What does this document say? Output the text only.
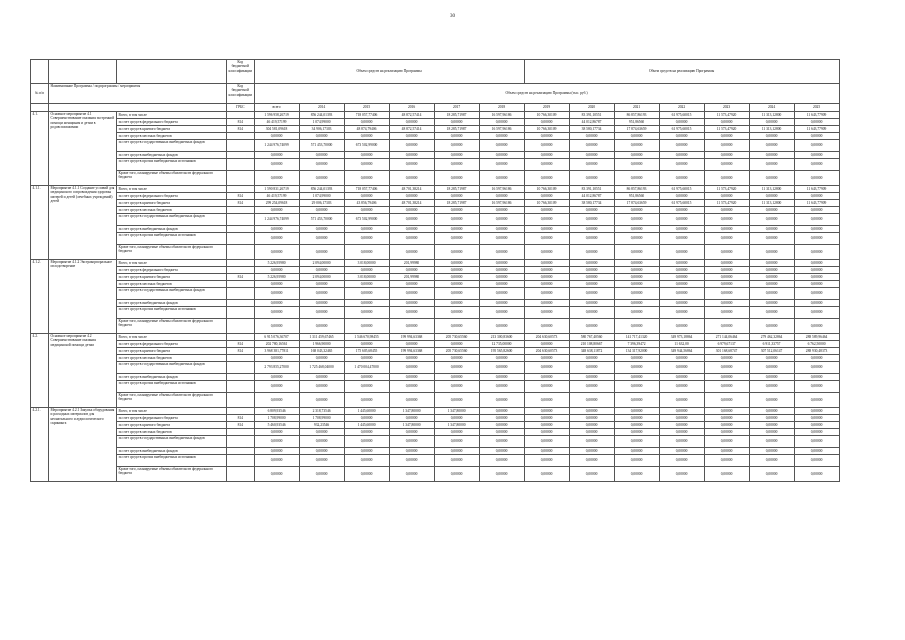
30
			Код бюджетной классификации	Объем средств на реализацию Программы						Объем средств на реализацию Программы						
№ п/п	Наименование Программы / подпрограммы / мероприятия		Код бюджетной классификации	Объем средств на реализацию Программы (тыс. руб.)												
			ГРБС	всего	2014	2015	2016	2017	2018	2019	2020	2021	2022	2023	2024	2025
4.1.	Основное мероприятие 4.1 Совершенствование оказания экстренной помощи женщинам и детям в родовспоможении	Всего, в том числе		1 596 958,26719	856 244,01393	718 057,77406	48 872,57414	18 285,71987	16 597,96186	10 766,30109	83 391,10551	86 857,86193	61 975,60015	11 573,47920	11 313,12800	11 643,77909
		за счет средств федерального бюджета	814	46 419,57199	1 074,99000	0,00000	0,00000	0,00000	0,00000	0,00000	44 012,86787	951,86560	0,00000	0,00000	0,00000	0,00000
		за счет средств краевого бюджета	814	304 581,09618	34 906,17303	48 874,79406	48 872,57414	18 285,71987	16 597,96186	10 766,30109	38 580,17734	17 874,63659	61 975,60015	11 573,47920	11 313,12800	11 643,77909
		за счет средств местных бюджетов		0,00000	0,00000	0,00000	0,00000	0,00000	0,00000	0,00000	0,00000	0,00000	0,00000	0,00000	0,00000	0,00000
		за счет средств государственных внебюджетных фондов		1 244 976,74099	571 453,70000	673 502,99000	0,00000	0,00000	0,00000	0,00000	0,00000	0,00000	0,00000	0,00000	0,00000	0,00000
		за счет средств внебюджетных фондов		0,00000	0,00000	0,00000	0,00000	0,00000	0,00000	0,00000	0,00000	0,00000	0,00000	0,00000	0,00000	0,00000
		за счет средств прочих внебюджетных источников		0,00000	0,00000	0,00000	0,00000	0,00000	0,00000	0,00000	0,00000	0,00000	0,00000	0,00000	0,00000	0,00000
		Кроме того, планируемые объемы обязательств федерального бюджета		0,00000	0,00000	0,00000	0,00000	0,00000	0,00000	0,00000	0,00000	0,00000	0,00000	0,00000	0,00000	0,00000
4.1.1.	Мероприятие 4.1.1 Создание условий для медицинского сопровождения здоровья матерей и детей (лечебных учреждений) детей	Всего, в том числе		1 590 831,26719	856 244,01393	718 057,77406	48 701,38214	18 285,71987	16 597,96186	10 766,30109	83 391,10551	86 857,86193	61 975,60015	11 573,47920	11 313,12800	11 643,77909
		за счет средств федерального бюджета	814	46 419,57199	1 074,99000	0,00000	0,00000	0,00000	0,00000	0,00000	44 012,86787	951,86560	0,00000	0,00000	0,00000	0,00000
		за счет средств краевого бюджета	814	299 254,09618	29 006,17303	43 856,79406	48 701,38214	18 285,71987	16 597,96186	10 766,30109	38 580,17734	17 874,63659	61 975,60015	11 573,47920	11 313,12800	11 643,77909
		за счет средств местных бюджетов		0,00000	0,00000	0,00000	0,00000	0,00000	0,00000	0,00000	0,00000	0,00000	0,00000	0,00000	0,00000	0,00000
		за счет средств государственных внебюджетных фондов		1 244 976,74099	571 453,70000	673 502,99000	0,00000	0,00000	0,00000	0,00000	0,00000	0,00000	0,00000	0,00000	0,00000	0,00000
		за счет средств внебюджетных фондов		0,00000	0,00000	0,00000	0,00000	0,00000	0,00000	0,00000	0,00000	0,00000	0,00000	0,00000	0,00000	0,00000
		за счет средств прочих внебюджетных источников		0,00000	0,00000	0,00000	0,00000	0,00000	0,00000	0,00000	0,00000	0,00000	0,00000	0,00000	0,00000	0,00000
		Кроме того, планируемые объемы обязательств федерального бюджета		0,00000	0,00000	0,00000	0,00000	0,00000	0,00000	0,00000	0,00000	0,00000	0,00000	0,00000	0,00000	0,00000
4.1.2.	Мероприятие 4.1.2 Экстракорпоральное оплодотворение	Всего, в том числе		5 226,95980	2 094,00000	3 018,00000	201,99980	0,00000	0,00000	0,00000	0,00000	0,00000	0,00000	0,00000	0,00000	0,00000
		за счет средств федерального бюджета		0,00000	0,00000	0,00000	0,00000	0,00000	0,00000	0,00000	0,00000	0,00000	0,00000	0,00000	0,00000	0,00000
		за счет средств краевого бюджета	814	5 226,95980	2 094,00000	3 018,00000	201,99980	0,00000	0,00000	0,00000	0,00000	0,00000	0,00000	0,00000	0,00000	0,00000
		за счет средств местных бюджетов		0,00000	0,00000	0,00000	0,00000	0,00000	0,00000	0,00000	0,00000	0,00000	0,00000	0,00000	0,00000	0,00000
		за счет средств государственных внебюджетных фондов		0,00000	0,00000	0,00000	0,00000	0,00000	0,00000	0,00000	0,00000	0,00000	0,00000	0,00000	0,00000	0,00000
		за счет средств внебюджетных фондов		0,00000	0,00000	0,00000	0,00000	0,00000	0,00000	0,00000	0,00000	0,00000	0,00000	0,00000	0,00000	0,00000
		за счет средств прочих внебюджетных источников		0,00000	0,00000	0,00000	0,00000	0,00000	0,00000	0,00000	0,00000	0,00000	0,00000	0,00000	0,00000	0,00000
		Кроме того, планируемые объемы обязательств федерального бюджета		0,00000	0,00000	0,00000	0,00000	0,00000	0,00000	0,00000	0,00000	0,00000	0,00000	0,00000	0,00000	0,00000
4.2.	Основное мероприятие 4.2 Совершенствование оказания медицинской помощи детям	Всего, в том числе		6 915 076,36707	1 311 459,67465	1 546 670,98455	199 994,63368	205 730,65560	213 300,83600	204 630,60573	580 767,40560	141 717,41320	349 973,18864	271 144,06464	279 462,32864	288 589,96464
		за счет средств федерального бюджета	814	202 780,16561	1 966,90000	0,00000	0,00000	0,00000	12 735,00000	0,00000	210 108,80667	7 396,39472	11 632,00	6 979,67137	6 911,33757	6 762,50000
		за счет средств краевого бюджета	814	3 968 381,77811	168 043,32465	175 605,68455	199 994,63368	205 730,65560	195 565,82600	204 630,60573	348 638,11872	134 317,92000	349 944,56864	301 168,68747	307 512,06147	288 930,48373
		за счет средств местных бюджетов		0,00000	0,00000	0,00000	0,00000	0,00000	0,00000	0,00000	0,00000	0,00000	0,00000	0,00000	0,00000	0,00000
		за счет средств государственных внебюджетных фондов		2 793 855,27000	1 725 468,04000	1 470 004,47000	0,00000	0,00000	0,00000	0,00000	0,00000	0,00000	0,00000	0,00000	0,00000	0,00000
		за счет средств внебюджетных фондов		0,00000	0,00000	0,00000	0,00000	0,00000	0,00000	0,00000	0,00000	0,00000	0,00000	0,00000	0,00000	0,00000
		за счет средств прочих внебюджетных источников		0,00000	0,00000	0,00000	0,00000	0,00000	0,00000	0,00000	0,00000	0,00000	0,00000	0,00000	0,00000	0,00000
		Кроме того, планируемые объемы обязательств федерального бюджета		0,00000	0,00000	0,00000	0,00000	0,00000	0,00000	0,00000	0,00000	0,00000	0,00000	0,00000	0,00000	0,00000
4.2.1.	Мероприятие 4.2.1 Закупка оборудования и расходных материалов для неонатального и аудиологического скрининга	Всего, в том числе		6 809,93546	2 318,73546	1 445,60000	1 347,80000	1 347,80000	0,00000	0,00000	0,00000	0,00000	0,00000	0,00000	0,00000	0,00000
		за счет средств федерального бюджета	814	1 708,99000	1 708,99000	0,00000	0,00000	0,00000	0,00000	0,00000	0,00000	0,00000	0,00000	0,00000	0,00000	0,00000
		за счет средств краевого бюджета	814	5 460,93546	932,23546	1 445,60000	1 347,80000	1 347,80000	0,00000	0,00000	0,00000	0,00000	0,00000	0,00000	0,00000	0,00000
		за счет средств местных бюджетов		0,00000	0,00000	0,00000	0,00000	0,00000	0,00000	0,00000	0,00000	0,00000	0,00000	0,00000	0,00000	0,00000
		за счет средств государственных внебюджетных фондов		0,00000	0,00000	0,00000	0,00000	0,00000	0,00000	0,00000	0,00000	0,00000	0,00000	0,00000	0,00000	0,00000
		за счет средств внебюджетных фондов		0,00000	0,00000	0,00000	0,00000	0,00000	0,00000	0,00000	0,00000	0,00000	0,00000	0,00000	0,00000	0,00000
		за счет средств прочих внебюджетных источников		0,00000	0,00000	0,00000	0,00000	0,00000	0,00000	0,00000	0,00000	0,00000	0,00000	0,00000	0,00000	0,00000
		Кроме того, планируемые объемы обязательств федерального бюджета		0,00000	0,00000	0,00000	0,00000	0,00000	0,00000	0,00000	0,00000	0,00000	0,00000	0,00000	0,00000	0,00000
